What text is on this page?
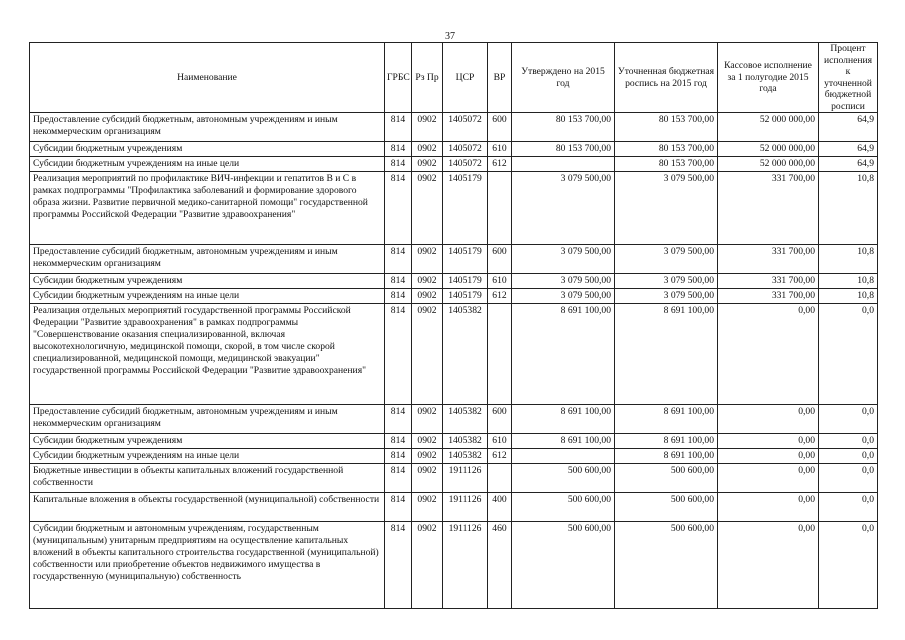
37
Наименование	ГРБС	Рз Пр	ЦСР	ВР	Утверждено на 2015 год	Уточненная бюджетная роспись на 2015 год	Кассовое исполнение за 1 полугодие 2015 года	Процент исполнения к уточненной бюджетной росписи
Предоставление субсидий бюджетным, автономным учреждениям и иным некоммерческим организациям	814	0902	1405072	600	80 153 700,00	80 153 700,00	52 000 000,00	64,9
Субсидии бюджетным учреждениям	814	0902	1405072	610	80 153 700,00	80 153 700,00	52 000 000,00	64,9
Субсидии бюджетным учреждениям на иные цели	814	0902	1405072	612		80 153 700,00	52 000 000,00	64,9
Реализация мероприятий по профилактике ВИЧ-инфекции и гепатитов В и С в рамках подпрограммы "Профилактика заболеваний и формирование здорового образа жизни. Развитие первичной медико-санитарной помощи" государственной программы Российской Федерации "Развитие здравоохранения"	814	0902	1405179		3 079 500,00	3 079 500,00	331 700,00	10,8
Предоставление субсидий бюджетным, автономным учреждениям и иным некоммерческим организациям	814	0902	1405179	600	3 079 500,00	3 079 500,00	331 700,00	10,8
Субсидии бюджетным учреждениям	814	0902	1405179	610	3 079 500,00	3 079 500,00	331 700,00	10,8
Субсидии бюджетным учреждениям на иные цели	814	0902	1405179	612	3 079 500,00	3 079 500,00	331 700,00	10,8
Реализация отдельных мероприятий государственной программы Российской Федерации "Развитие здравоохранения" в рамках подпрограммы "Совершенствование оказания специализированной, включая высокотехнологичную, медицинской помощи, скорой, в том числе скорой специализированной, медицинской помощи, медицинской эвакуации" государственной программы Российской Федерации "Развитие здравоохранения"	814	0902	1405382		8 691 100,00	8 691 100,00	0,00	0,0
Предоставление субсидий бюджетным, автономным учреждениям и иным некоммерческим организациям	814	0902	1405382	600	8 691 100,00	8 691 100,00	0,00	0,0
Субсидии бюджетным учреждениям	814	0902	1405382	610	8 691 100,00	8 691 100,00	0,00	0,0
Субсидии бюджетным учреждениям на иные цели	814	0902	1405382	612		8 691 100,00	0,00	0,0
Бюджетные инвестиции в объекты капитальных вложений государственной собственности	814	0902	1911126		500 600,00	500 600,00	0,00	0,0
Капитальные вложения в объекты государственной (муниципальной) собственности	814	0902	1911126	400	500 600,00	500 600,00	0,00	0,0
Субсидии бюджетным и автономным учреждениям, государственным (муниципальным) унитарным предприятиям на осуществление капитальных вложений в объекты капитального строительства государственной (муниципальной) собственности или приобретение объектов недвижимого имущества в государственную (муниципальную) собственность	814	0902	1911126	460	500 600,00	500 600,00	0,00	0,0
